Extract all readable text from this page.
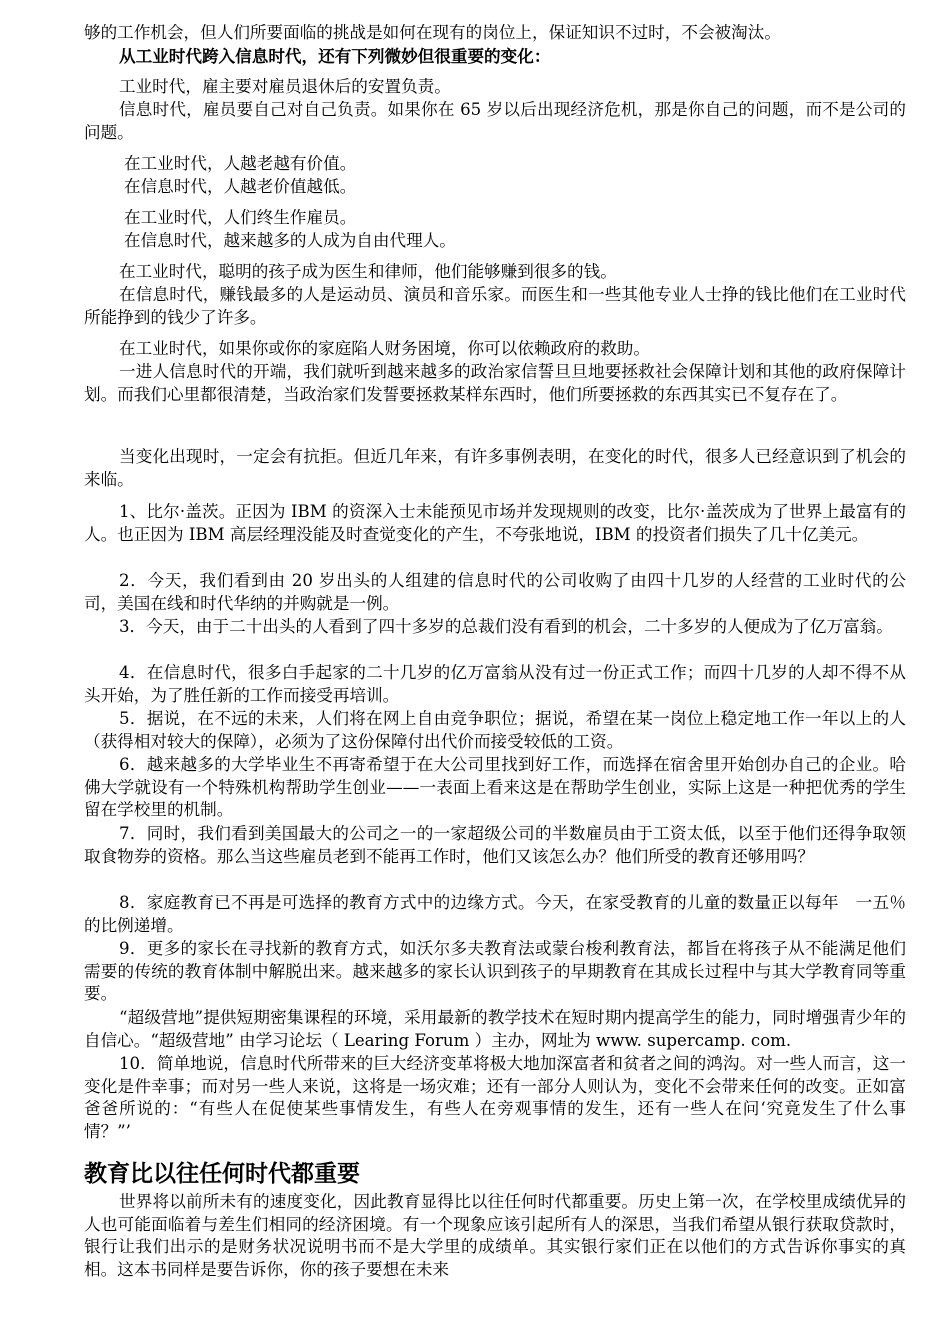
够的工作机会，但人们所要面临的挑战是如何在现有的岗位上，保证知识不过时，不会被淘汰。

从工业时代跨入信息时代，还有下列微妙但很重要的变化：

工业时代，雇主要对雇员退休后的安置负责。

信息时代，雇员要自己对自己负责。如果你在 65 岁以后出现经济危机，那是你自己的问题，而不是公司的问题。

在工业时代，人越老越有价值。

在信息时代，人越老价值越低。

在工业时代，人们终生作雇员。

在信息时代，越来越多的人成为自由代理人。

在工业时代，聪明的孩子成为医生和律师，他们能够赚到很多的钱。

在信息时代，赚钱最多的人是运动员、演员和音乐家。而医生和一些其他专业人士挣的钱比他们在工业时代所能挣到的钱少了许多。

在工业时代，如果你或你的家庭陷人财务困境，你可以依赖政府的救助。

一进人信息时代的开端，我们就听到越来越多的政治家信誓旦旦地要拯救社会保障计划和其他的政府保障计划。而我们心里都很清楚，当政治家们发誓要拯救某样东西时，他们所要拯救的东西其实已不复存在了。

当变化出现时，一定会有抗拒。但近几年来，有许多事例表明，在变化的时代，很多人已经意识到了机会的来临。

1、比尔·盖茨。正因为 IBM 的资深入士未能预见市场并发现规则的改变，比尔·盖茨成为了世界上最富有的人。也正因为 IBM 高层经理没能及时查觉变化的产生，不夸张地说，IBM 的投资者们损失了几十亿美元。

2．今天，我们看到由 20 岁出头的人组建的信息时代的公司收购了由四十几岁的人经营的工业时代的公司，美国在线和时代华纳的并购就是一例。

3．今天，由于二十出头的人看到了四十多岁的总裁们没有看到的机会，二十多岁的人便成为了亿万富翁。

4．在信息时代，很多白手起家的二十几岁的亿万富翁从没有过一份正式工作；而四十几岁的人却不得不从头开始，为了胜任新的工作而接受再培训。

5．据说，在不远的未来，人们将在网上自由竞争职位；据说，希望在某一岗位上稳定地工作一年以上的人（获得相对较大的保障），必须为了这份保障付出代价而接受较低的工资。

6．越来越多的大学毕业生不再寄希望于在大公司里找到好工作，而选择在宿舍里开始创办自己的企业。哈佛大学就设有一个特殊机构帮助学生创业——一表面上看来这是在帮助学生创业，实际上这是一种把优秀的学生留在学校里的机制。

7．同时，我们看到美国最大的公司之一的一家超级公司的半数雇员由于工资太低，以至于他们还得争取领取食物券的资格。那么当这些雇员老到不能再工作时，他们又该怎么办？他们所受的教育还够用吗？

8．家庭教育已不再是可选择的教育方式中的边缘方式。今天，在家受教育的儿童的数量正以每年　一五％的比例递增。

9．更多的家长在寻找新的教育方式，如沃尔多夫教育法或蒙台梭利教育法，都旨在将孩子从不能满足他们需要的传统的教育体制中解脱出来。越来越多的家长认识到孩子的早期教育在其成长过程中与其大学教育同等重要。

“超级营地”提供短期密集课程的环境，采用最新的教学技术在短时期内提高学生的能力，同时增强青少年的自信心。“超级营地” 由学习论坛（ Learing Forum ）主办，网址为 www. supercamp. com.

10．简单地说，信息时代所带来的巨大经济变革将极大地加深富者和贫者之间的鸿沟。对一些人而言，这一变化是件幸事；而对另一些人来说，这将是一场灾难；还有一部分人则认为，变化不会带来任何的改变。正如富爸爸所说的：“有些人在促使某些事情发生，有些人在旁观事情的发生，还有一些人在问‘究竟发生了什么事情？”’

教育比以往任何时代都重要

世界将以前所未有的速度变化，因此教育显得比以往任何时代都重要。历史上第一次，在学校里成绩优异的人也可能面临着与差生们相同的经济困境。有一个现象应该引起所有人的深思，当我们希望从银行获取贷款时，银行让我们出示的是财务状况说明书而不是大学里的成绩单。其实银行家们正在以他们的方式告诉你事实的真相。这本书同样是要告诉你，你的孩子要想在未来
